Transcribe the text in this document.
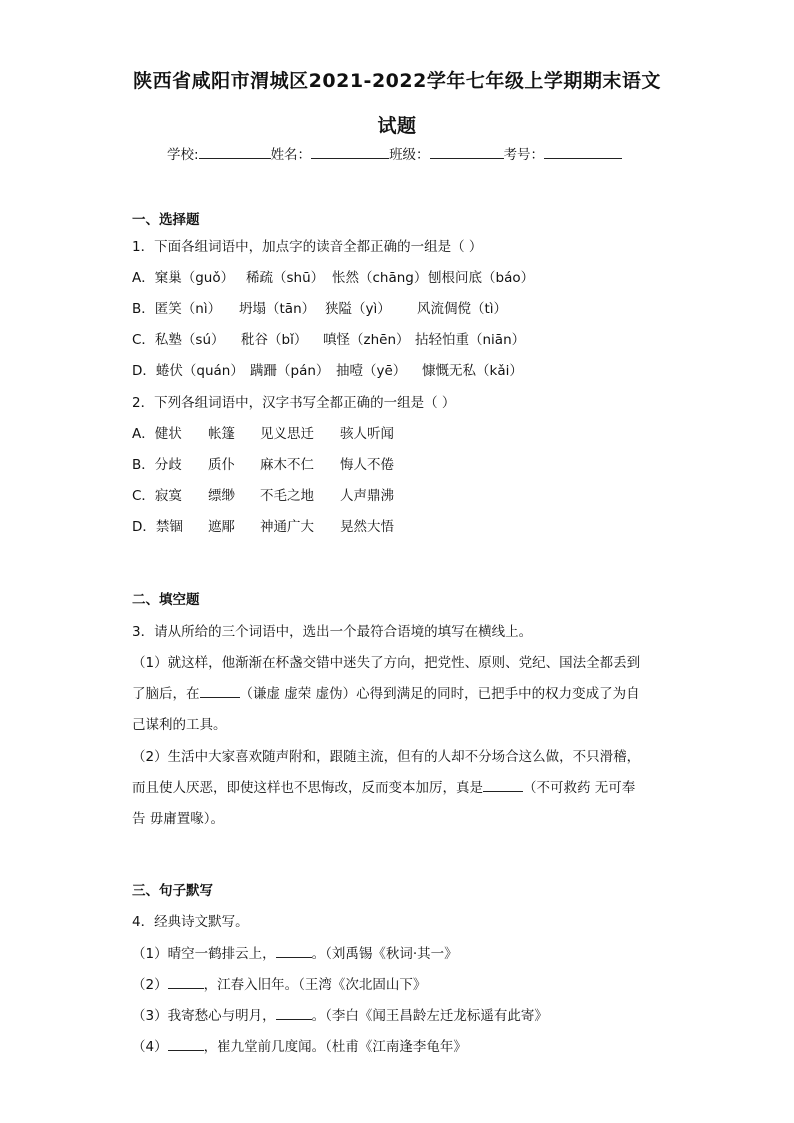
陕西省咸阳市渭城区2021-2022学年七年级上学期期末语文
试题
学校:	姓名：	班级：	考号：
一、选择题
1．下面各组词语中，加点字的读音全都正确的一组是（ ）
A．窠巢（guǒ） 稀疏（shū） 怅然（chāng）刨根问底（báo）
B．匿笑（nì） 坍塌（tān） 狭隘（yì） 风流倜傥（tì）
C．私塾（sú） 秕谷（bǐ） 嗔怪（zhēn） 拈轻怕重（niān）
D．蜷伏（quán） 蹒跚（pán） 抽噎（yē） 慷慨无私（kǎi）
2．下列各组词语中，汉字书写全都正确的一组是（ ）
A．健状 帐篷 见义思迁 骇人听闻
B．分歧 质仆 麻木不仁 悔人不倦
C．寂寞 缥缈 不毛之地 人声鼎沸
D．禁锢 遮郮 神通广大 晃然大悟
二、填空题
3．请从所给的三个词语中，选出一个最符合语境的填写在横线上。
（1）就这样，他渐渐在杯盏交错中迷失了方向，把党性、原则、党纪、国法全都丢到
了脑后，在	（谦虚 虚荣 虚伪）心得到满足的同时，已把手中的权力变成了为自
己谋利的工具。
（2）生活中大家喜欢随声附和，跟随主流，但有的人却不分场合这么做，不只滑稽，
而且使人厌恶，即使这样也不思悔改，反而变本加厉，真是	（不可救药 无可奉
告 毋庸置喙）。
三、句子默写
4．经典诗文默写。
（1）晴空一鹤排云上，	。（刘禹锡《秋词·其一》
（2）	，江春入旧年。（王湾《次北固山下》
（3）我寄愁心与明月，	。（李白《闻王昌龄左迁龙标遥有此寄》
（4）	，崔九堂前几度闻。（杜甫《江南逢李龟年》
